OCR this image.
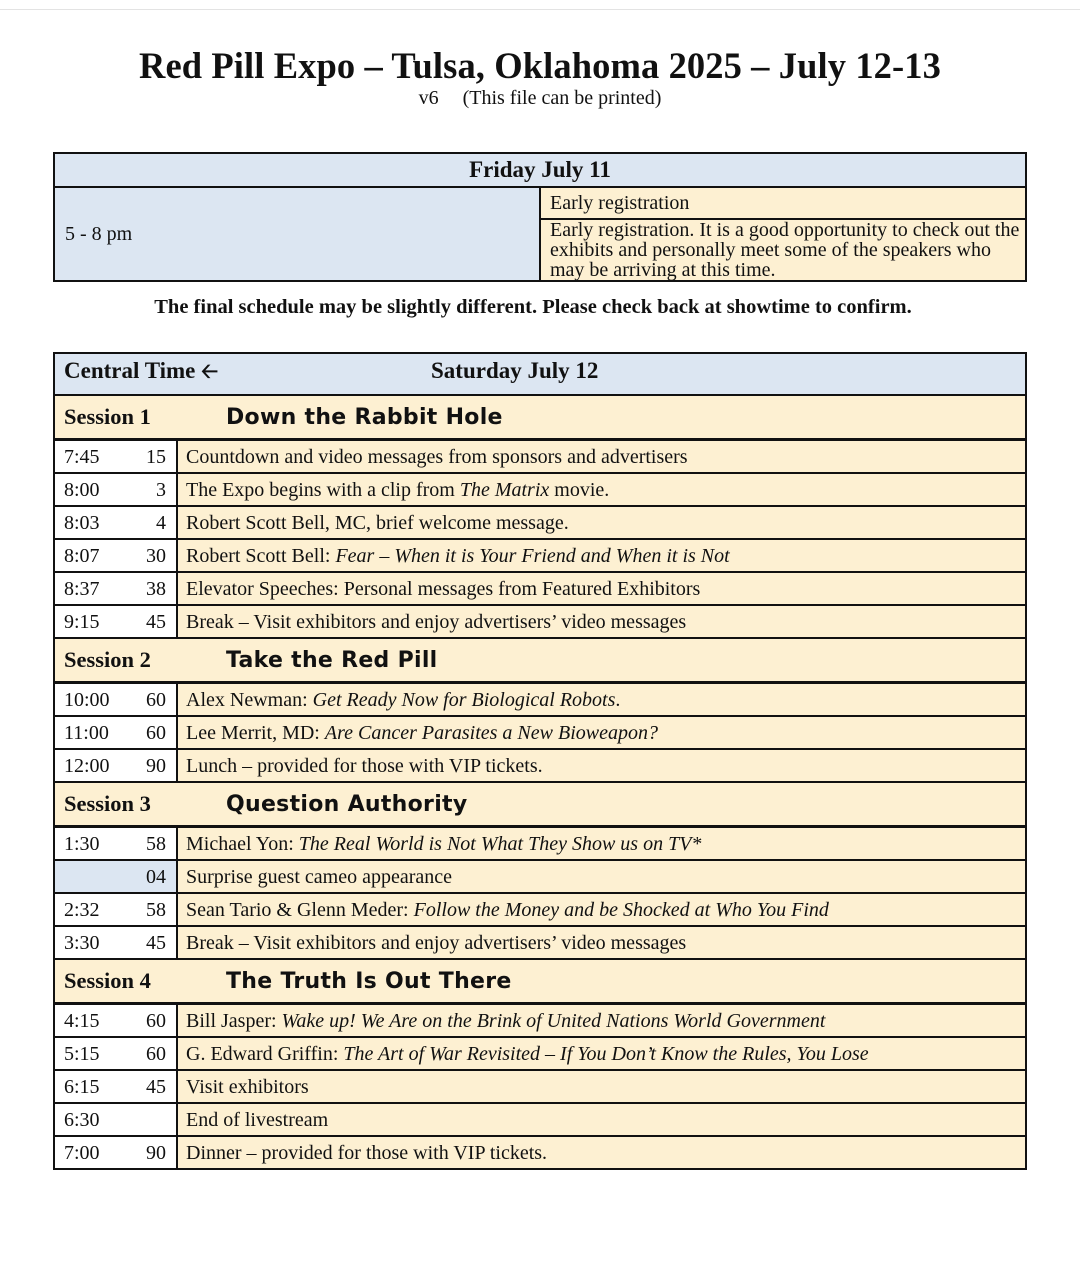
Red Pill Expo – Tulsa, Oklahoma 2025 – July 12-13
v6 (This file can be printed)
Friday July 11
5 - 8 pm	Early registration
Early registration. It is a good opportunity to check out the exhibits and personally meet some of the speakers who may be arriving at this time.
The final schedule may be slightly different. Please check back at showtime to confirm.
Central Time 🡠 Saturday July 12		
Session 1 Down the Rabbit Hole		
7:45	15	Countdown and video messages from sponsors and advertisers
8:00	3	The Expo begins with a clip from The Matrix movie.
8:03	4	Robert Scott Bell, MC, brief welcome message.
8:07	30	Robert Scott Bell: Fear – When it is Your Friend and When it is Not
8:37	38	Elevator Speeches: Personal messages from Featured Exhibitors
9:15	45	Break – Visit exhibitors and enjoy advertisers’ video messages
Session 2 Take the Red Pill		
10:00	60	Alex Newman: Get Ready Now for Biological Robots.
11:00	60	Lee Merrit, MD: Are Cancer Parasites a New Bioweapon?
12:00	90	Lunch – provided for those with VIP tickets.
Session 3 Question Authority		
1:30	58	Michael Yon: The Real World is Not What They Show us on TV*
	04	Surprise guest cameo appearance
2:32	58	Sean Tario & Glenn Meder: Follow the Money and be Shocked at Who You Find
3:30	45	Break – Visit exhibitors and enjoy advertisers’ video messages
Session 4 The Truth Is Out There		
4:15	60	Bill Jasper: Wake up! We Are on the Brink of United Nations World Government
5:15	60	G. Edward Griffin: The Art of War Revisited – If You Don’t Know the Rules, You Lose
6:15	45	Visit exhibitors
6:30		End of livestream
7:00	90	Dinner – provided for those with VIP tickets.
